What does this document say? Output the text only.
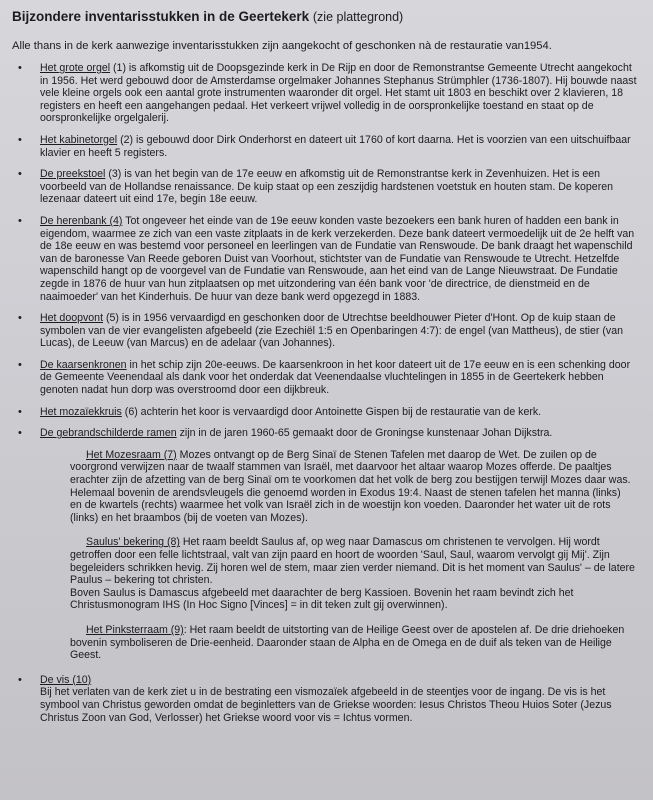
Bijzondere inventarisstukken in de Geertekerk (zie plattegrond)

Alle thans in de kerk aanwezige inventarisstukken zijn aangekocht of geschonken nà de restauratie van1954.

• Het grote orgel (1) is afkomstig uit de Doopsgezinde kerk in De Rijp en door de Remonstrantse Gemeente Utrecht aangekocht in 1956. Het werd gebouwd door de Amsterdamse orgelmaker Johannes Stephanus Strümphler (1736-1807). Hij bouwde naast vele kleine orgels ook een aantal grote instrumenten waaronder dit orgel. Het stamt uit 1803 en beschikt over 2 klavieren, 18 registers en heeft een aangehangen pedaal. Het verkeert vrijwel volledig in de oorspronkelijke toestand en staat op de oorspronkelijke orgelgalerij.
• Het kabinetorgel (2) is gebouwd door Dirk Onderhorst en dateert uit 1760 of kort daarna. Het is voorzien van een uitschuifbaar klavier en heeft 5 registers.
• De preekstoel (3) is van het begin van de 17e eeuw en afkomstig uit de Remonstrantse kerk in Zevenhuizen. Het is een voorbeeld van de Hollandse renaissance. De kuip staat op een zeszijdig hardstenen voetstuk en houten stam. De koperen lezenaar dateert uit eind 17e, begin 18e eeuw.
• De herenbank (4) Tot ongeveer het einde van de 19e eeuw konden vaste bezoekers een bank huren of hadden een bank in eigendom, waarmee ze zich van een vaste zitplaats in de kerk verzekerden. Deze bank dateert vermoedelijk uit de 2e helft van de 18e eeuw en was bestemd voor personeel en leerlingen van de Fundatie van Renswoude. De bank draagt het wapenschild van de baronesse Van Reede geboren Duist van Voorhout, stichtster van de Fundatie van Renswoude te Utrecht. Hetzelfde wapenschild hangt op de voorgevel van de Fundatie van Renswoude, aan het eind van de Lange Nieuwstraat. De Fundatie zegde in 1876 de huur van hun zitplaatsen op met uitzondering van één bank voor 'de directrice, de dienstmeid en de naaimoeder' van het Kinderhuis. De huur van deze bank werd opgezegd in 1883.
• Het doopvont (5) is in 1956 vervaardigd en geschonken door de Utrechtse beeldhouwer Pieter d'Hont. Op de kuip staan de symbolen van de vier evangelisten afgebeeld (zie Ezechiël 1:5 en Openbaringen 4:7): de engel (van Mattheus), de stier (van Lucas), de Leeuw (van Marcus) en de adelaar (van Johannes).
• De kaarsenkronen in het schip zijn 20e-eeuws. De kaarsenkroon in het koor dateert uit de 17e eeuw en is een schenking door de Gemeente Veenendaal als dank voor het onderdak dat Veenendaalse vluchtelingen in 1855 in de Geertekerk hebben genoten nadat hun dorp was overstroomd door een dijkbreuk.
• Het mozaïekkruis (6) achterin het koor is vervaardigd door Antoinette Gispen bij de restauratie van de kerk.
• De gebrandschilderde ramen zijn in de jaren 1960-65 gemaakt door de Groningse kunstenaar Johan Dijkstra.
Het Mozesraam (7) Mozes ontvangt op de Berg Sinaï de Stenen Tafelen met daarop de Wet. De zuilen op de voorgrond verwijzen naar de twaalf stammen van Israël, met daarvoor het altaar waarop Mozes offerde. De paaltjes erachter zijn de afzetting van de berg Sinaï om te voorkomen dat het volk de berg zou bestijgen terwijl Mozes daar was. Helemaal bovenin de arendsvleugels die genoemd worden in Exodus 19:4. Naast de stenen tafelen het manna (links) en de kwartels (rechts) waarmee het volk van Israël zich in de woestijn kon voeden. Daaronder het water uit de rots (links) en het braambos (bij de voeten van Mozes).
Saulus' bekering (8) Het raam beeldt Saulus af, op weg naar Damascus om christenen te vervolgen. Hij wordt getroffen door een felle lichtstraal, valt van zijn paard en hoort de woorden 'Saul, Saul, waarom vervolgt gij Mij'. Zijn begeleiders schrikken hevig. Zij horen wel de stem, maar zien verder niemand. Dit is het moment van Saulus' – de latere Paulus – bekering tot christen.
Boven Saulus is Damascus afgebeeld met daarachter de berg Kassioen. Bovenin het raam bevindt zich het Christusmonogram IHS (In Hoc Signo [Vinces] = in dit teken zult gij overwinnen).
Het Pinksterraam (9): Het raam beeldt de uitstorting van de Heilige Geest over de apostelen af. De drie driehoeken bovenin symboliseren de Drie-eenheid. Daaronder staan de Alpha en de Omega en de duif als teken van de Heilige Geest.
• De vis (10)
Bij het verlaten van de kerk ziet u in de bestrating een vismozaïek afgebeeld in de steentjes voor de ingang. De vis is het symbool van Christus geworden omdat de beginletters van de Griekse woorden: Iesus Christos Theou Huios Soter (Jezus Christus Zoon van God, Verlosser) het Griekse woord voor vis = Ichtus vormen.
